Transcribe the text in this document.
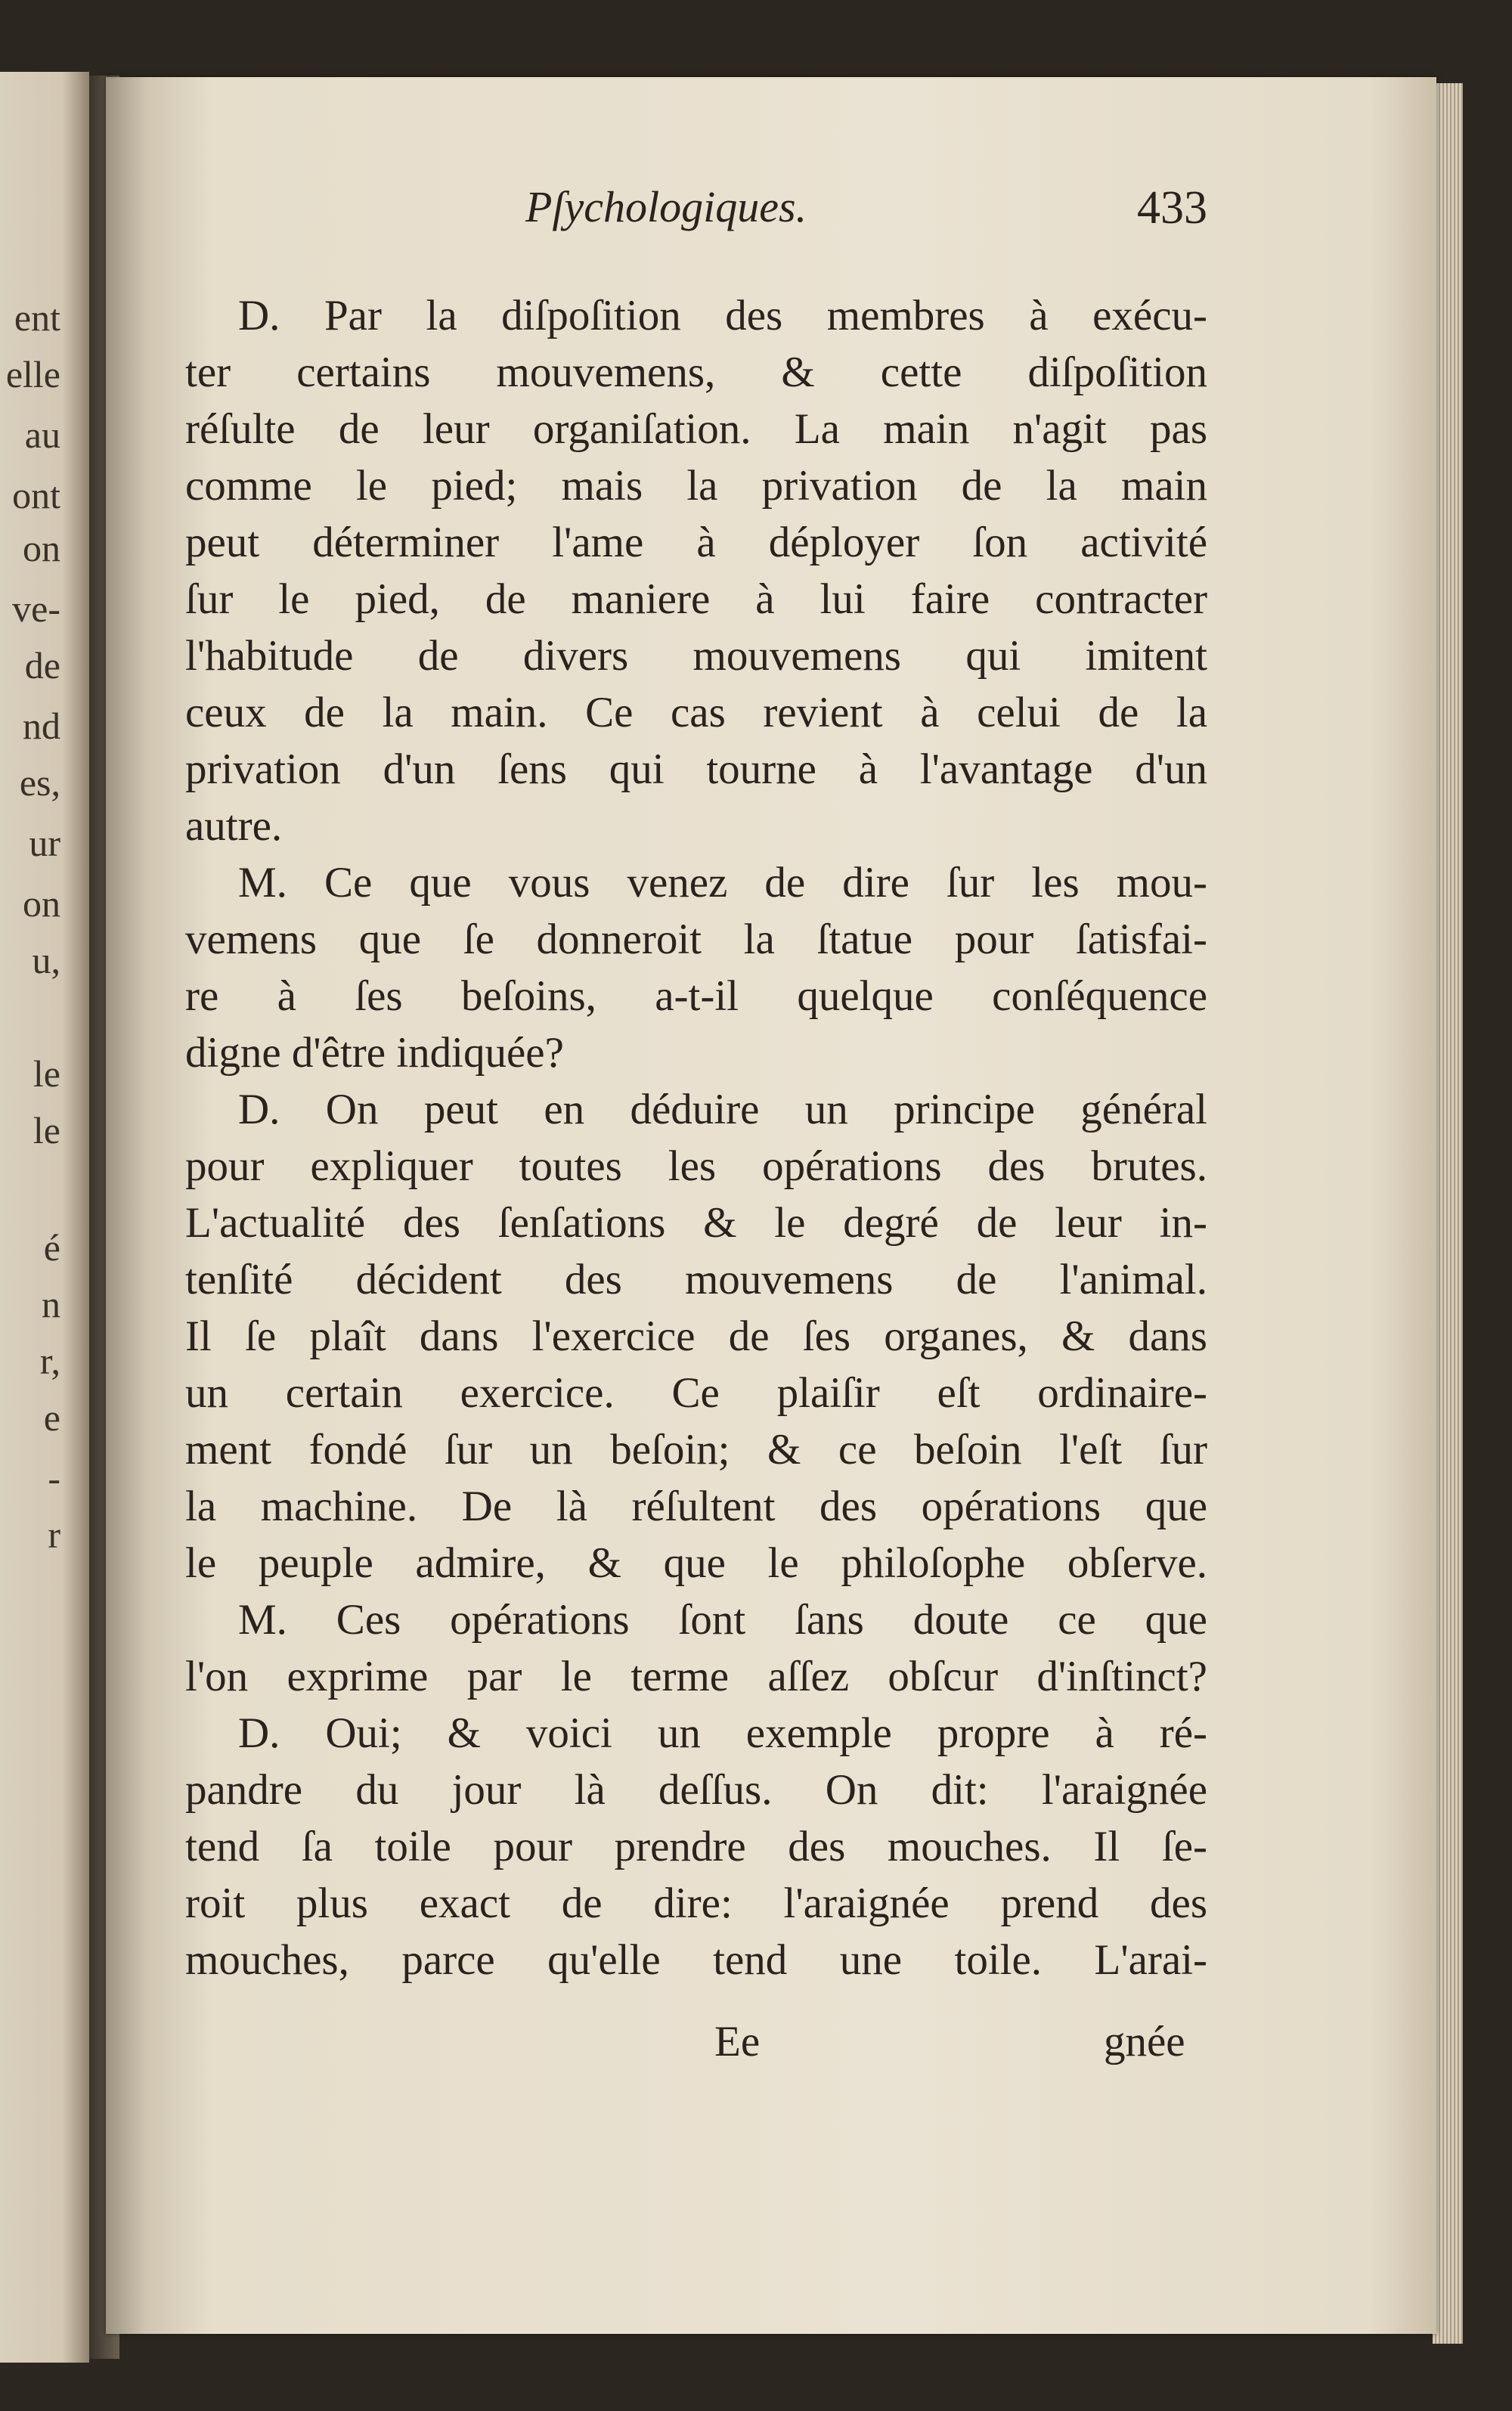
Pſychologiques.	433
D. Par la diſpoſition des membres à exécu-
ter certains mouvemens, & cette diſpoſition
réſulte de leur organiſation. La main n'agit pas
comme le pied; mais la privation de la main
peut déterminer l'ame à déployer ſon activité
ſur le pied, de maniere à lui faire contracter
l'habitude de divers mouvemens qui imitent
ceux de la main. Ce cas revient à celui de la
privation d'un ſens qui tourne à l'avantage d'un
autre.
M. Ce que vous venez de dire ſur les mou-
vemens que ſe donneroit la ſtatue pour ſatisfai-
re à ſes beſoins, a-t-il quelque conſéquence
digne d'être indiquée?
D. On peut en déduire un principe général
pour expliquer toutes les opérations des brutes.
L'actualité des ſenſations & le degré de leur in-
tenſité décident des mouvemens de l'animal.
Il ſe plaît dans l'exercice de ſes organes, & dans
un certain exercice. Ce plaiſir eſt ordinaire-
ment fondé ſur un beſoin; & ce beſoin l'eſt ſur
la machine. De là réſultent des opérations que
le peuple admire, & que le philoſophe obſerve.
M. Ces opérations ſont ſans doute ce que
l'on exprime par le terme aſſez obſcur d'inſtinct?
D. Oui; & voici un exemple propre à ré-
pandre du jour là deſſus. On dit: l'araignée
tend ſa toile pour prendre des mouches. Il ſe-
roit plus exact de dire: l'araignée prend des
mouches, parce qu'elle tend une toile. L'arai-
Ee	gnée
ent
elle
au
ont
on
ve-
de
nd
es,
ur
on
u,
le
le
é
n
r,
e
-
r
